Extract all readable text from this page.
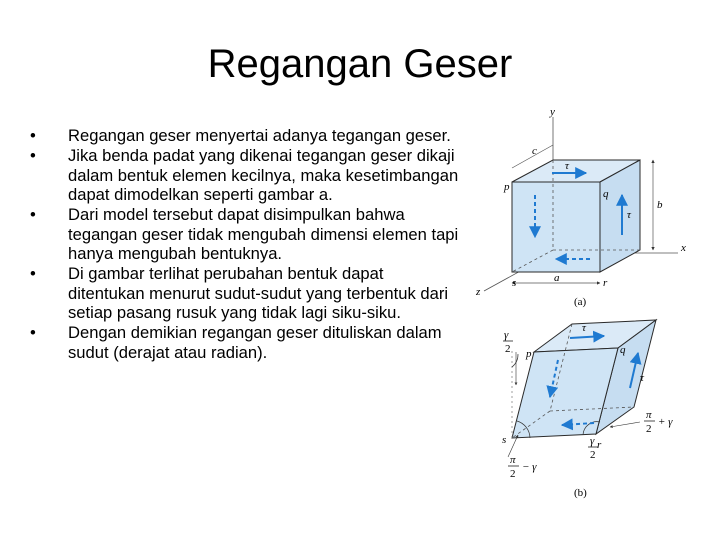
Regangan Geser
• Regangan geser menyertai adanya tegangan geser.
• Jika benda padat yang dikenai tegangan geser dikaji dalam bentuk elemen kecilnya, maka kesetimbangan dapat dimodelkan seperti gambar a.
• Dari model tersebut dapat disimpulkan bahwa tegangan geser tidak mengubah dimensi elemen tapi hanya mengubah bentuknya.
• Di gambar terlihat perubahan bentuk dapat ditentukan menurut sudut-sudut yang terbentuk dari setiap pasang rusuk yang tidak lagi siku-siku.
• Dengan demikian regangan geser dituliskan dalam sudut (derajat atau radian).
y
x
z
p
q
r
s	a
b
c
τ
τ
(a)
p	q
r
s
τ
τ
γ
2
γ
2
π
2
+ γ
π
2
− γ
(b)
